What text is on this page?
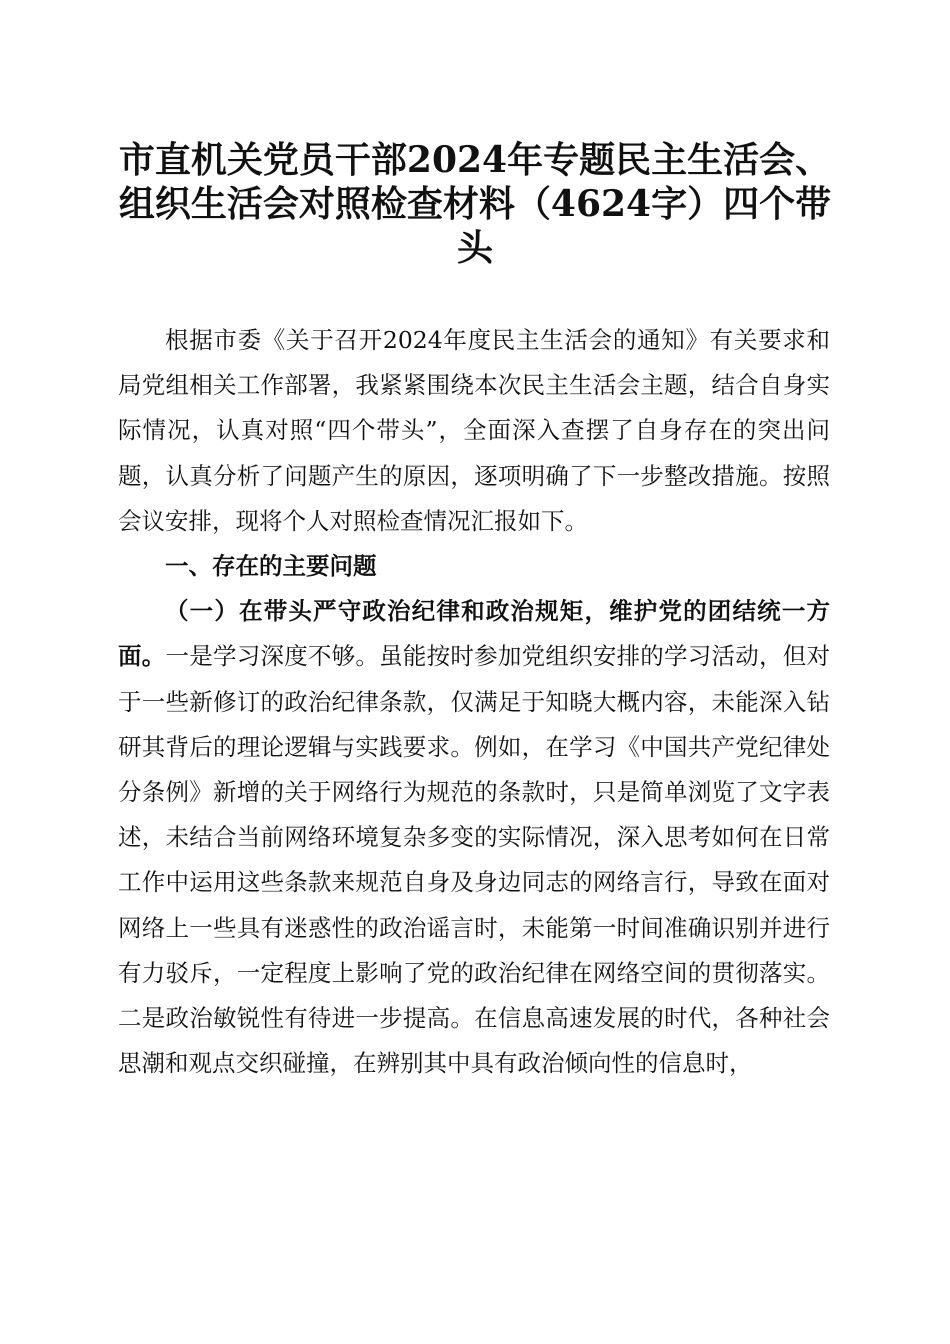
市直机关党员干部2024年专题民主生活会、组织生活会对照检查材料（4624字）四个带头

根据市委《关于召开2024年度民主生活会的通知》有关要求和局党组相关工作部署，我紧紧围绕本次民主生活会主题，结合自身实际情况，认真对照“四个带头”，全面深入查摆了自身存在的突出问题，认真分析了问题产生的原因，逐项明确了下一步整改措施。按照会议安排，现将个人对照检查情况汇报如下。

一、存在的主要问题

（一）在带头严守政治纪律和政治规矩，维护党的团结统一方面。一是学习深度不够。虽能按时参加党组织安排的学习活动，但对于一些新修订的政治纪律条款，仅满足于知晓大概内容，未能深入钻研其背后的理论逻辑与实践要求。例如，在学习《中国共产党纪律处分条例》新增的关于网络行为规范的条款时，只是简单浏览了文字表述，未结合当前网络环境复杂多变的实际情况，深入思考如何在日常工作中运用这些条款来规范自身及身边同志的网络言行，导致在面对网络上一些具有迷惑性的政治谣言时，未能第一时间准确识别并进行有力驳斥，一定程度上影响了党的政治纪律在网络空间的贯彻落实。二是政治敏锐性有待进一步提高。在信息高速发展的时代，各种社会思潮和观点交织碰撞，在辨别其中具有政治倾向性的信息时，
